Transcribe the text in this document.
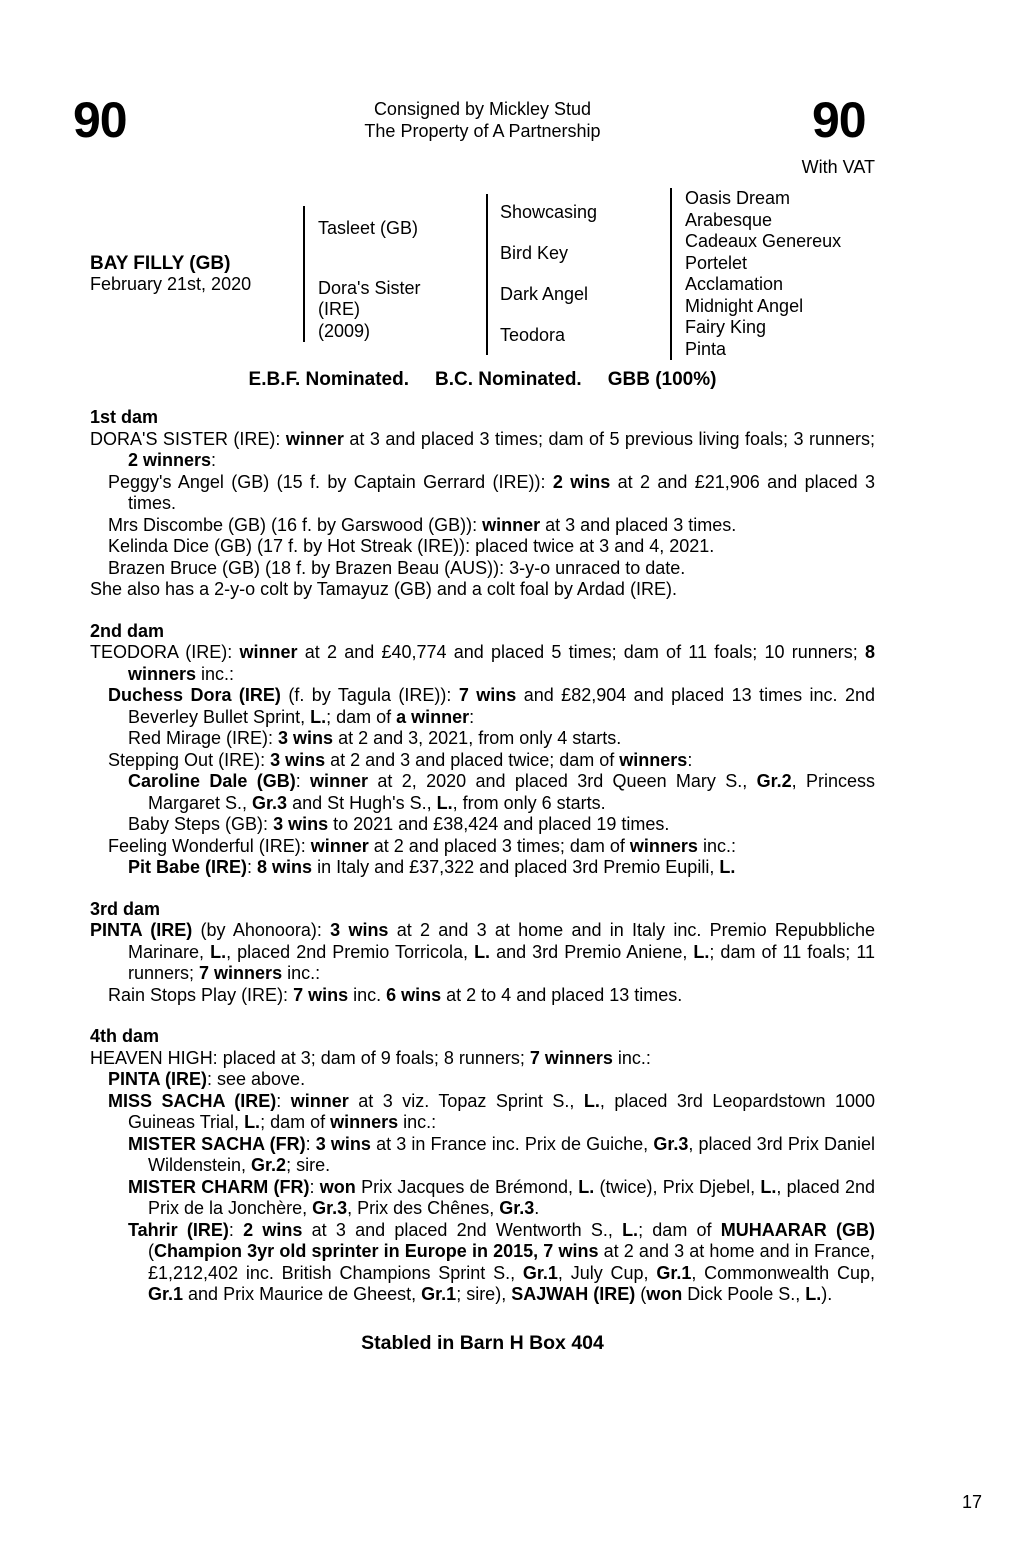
90	Consigned by Mickley Stud
The Property of A Partnership	90
With VAT
BAY FILLY (GB)
February 21st, 2020
Tasleet (GB)
Dora's Sister (IRE)
(2009)
Showcasing
Bird Key
Dark Angel
Teodora
Oasis Dream
Arabesque
Cadeaux Genereux
Portelet
Acclamation
Midnight Angel
Fairy King
Pinta
E.B.F. Nominated. B.C. Nominated. GBB (100%)
1st dam
DORA'S SISTER (IRE): winner at 3 and placed 3 times; dam of 5 previous living foals; 3 runners; 2 winners:
Peggy's Angel (GB) (15 f. by Captain Gerrard (IRE)): 2 wins at 2 and £21,906 and placed 3 times.
Mrs Discombe (GB) (16 f. by Garswood (GB)): winner at 3 and placed 3 times.
Kelinda Dice (GB) (17 f. by Hot Streak (IRE)): placed twice at 3 and 4, 2021.
Brazen Bruce (GB) (18 f. by Brazen Beau (AUS)): 3-y-o unraced to date.
She also has a 2-y-o colt by Tamayuz (GB) and a colt foal by Ardad (IRE).
2nd dam
TEODORA (IRE): winner at 2 and £40,774 and placed 5 times; dam of 11 foals; 10 runners; 8 winners inc.:
Duchess Dora (IRE) (f. by Tagula (IRE)): 7 wins and £82,904 and placed 13 times inc. 2nd Beverley Bullet Sprint, L.; dam of a winner:
Red Mirage (IRE): 3 wins at 2 and 3, 2021, from only 4 starts.
Stepping Out (IRE): 3 wins at 2 and 3 and placed twice; dam of winners:
Caroline Dale (GB): winner at 2, 2020 and placed 3rd Queen Mary S., Gr.2, Princess Margaret S., Gr.3 and St Hugh's S., L., from only 6 starts.
Baby Steps (GB): 3 wins to 2021 and £38,424 and placed 19 times.
Feeling Wonderful (IRE): winner at 2 and placed 3 times; dam of winners inc.:
Pit Babe (IRE): 8 wins in Italy and £37,322 and placed 3rd Premio Eupili, L.
3rd dam
PINTA (IRE) (by Ahonoora): 3 wins at 2 and 3 at home and in Italy inc. Premio Repubbliche Marinare, L., placed 2nd Premio Torricola, L. and 3rd Premio Aniene, L.; dam of 11 foals; 11 runners; 7 winners inc.:
Rain Stops Play (IRE): 7 wins inc. 6 wins at 2 to 4 and placed 13 times.
4th dam
HEAVEN HIGH: placed at 3; dam of 9 foals; 8 runners; 7 winners inc.:
PINTA (IRE): see above.
MISS SACHA (IRE): winner at 3 viz. Topaz Sprint S., L., placed 3rd Leopardstown 1000 Guineas Trial, L.; dam of winners inc.:
MISTER SACHA (FR): 3 wins at 3 in France inc. Prix de Guiche, Gr.3, placed 3rd Prix Daniel Wildenstein, Gr.2; sire.
MISTER CHARM (FR): won Prix Jacques de Brémond, L. (twice), Prix Djebel, L., placed 2nd Prix de la Jonchère, Gr.3, Prix des Chênes, Gr.3.
Tahrir (IRE): 2 wins at 3 and placed 2nd Wentworth S., L.; dam of MUHAARAR (GB) (Champion 3yr old sprinter in Europe in 2015, 7 wins at 2 and 3 at home and in France, £1,212,402 inc. British Champions Sprint S., Gr.1, July Cup, Gr.1, Commonwealth Cup, Gr.1 and Prix Maurice de Gheest, Gr.1; sire), SAJWAH (IRE) (won Dick Poole S., L.).
Stabled in Barn H Box 404
17
